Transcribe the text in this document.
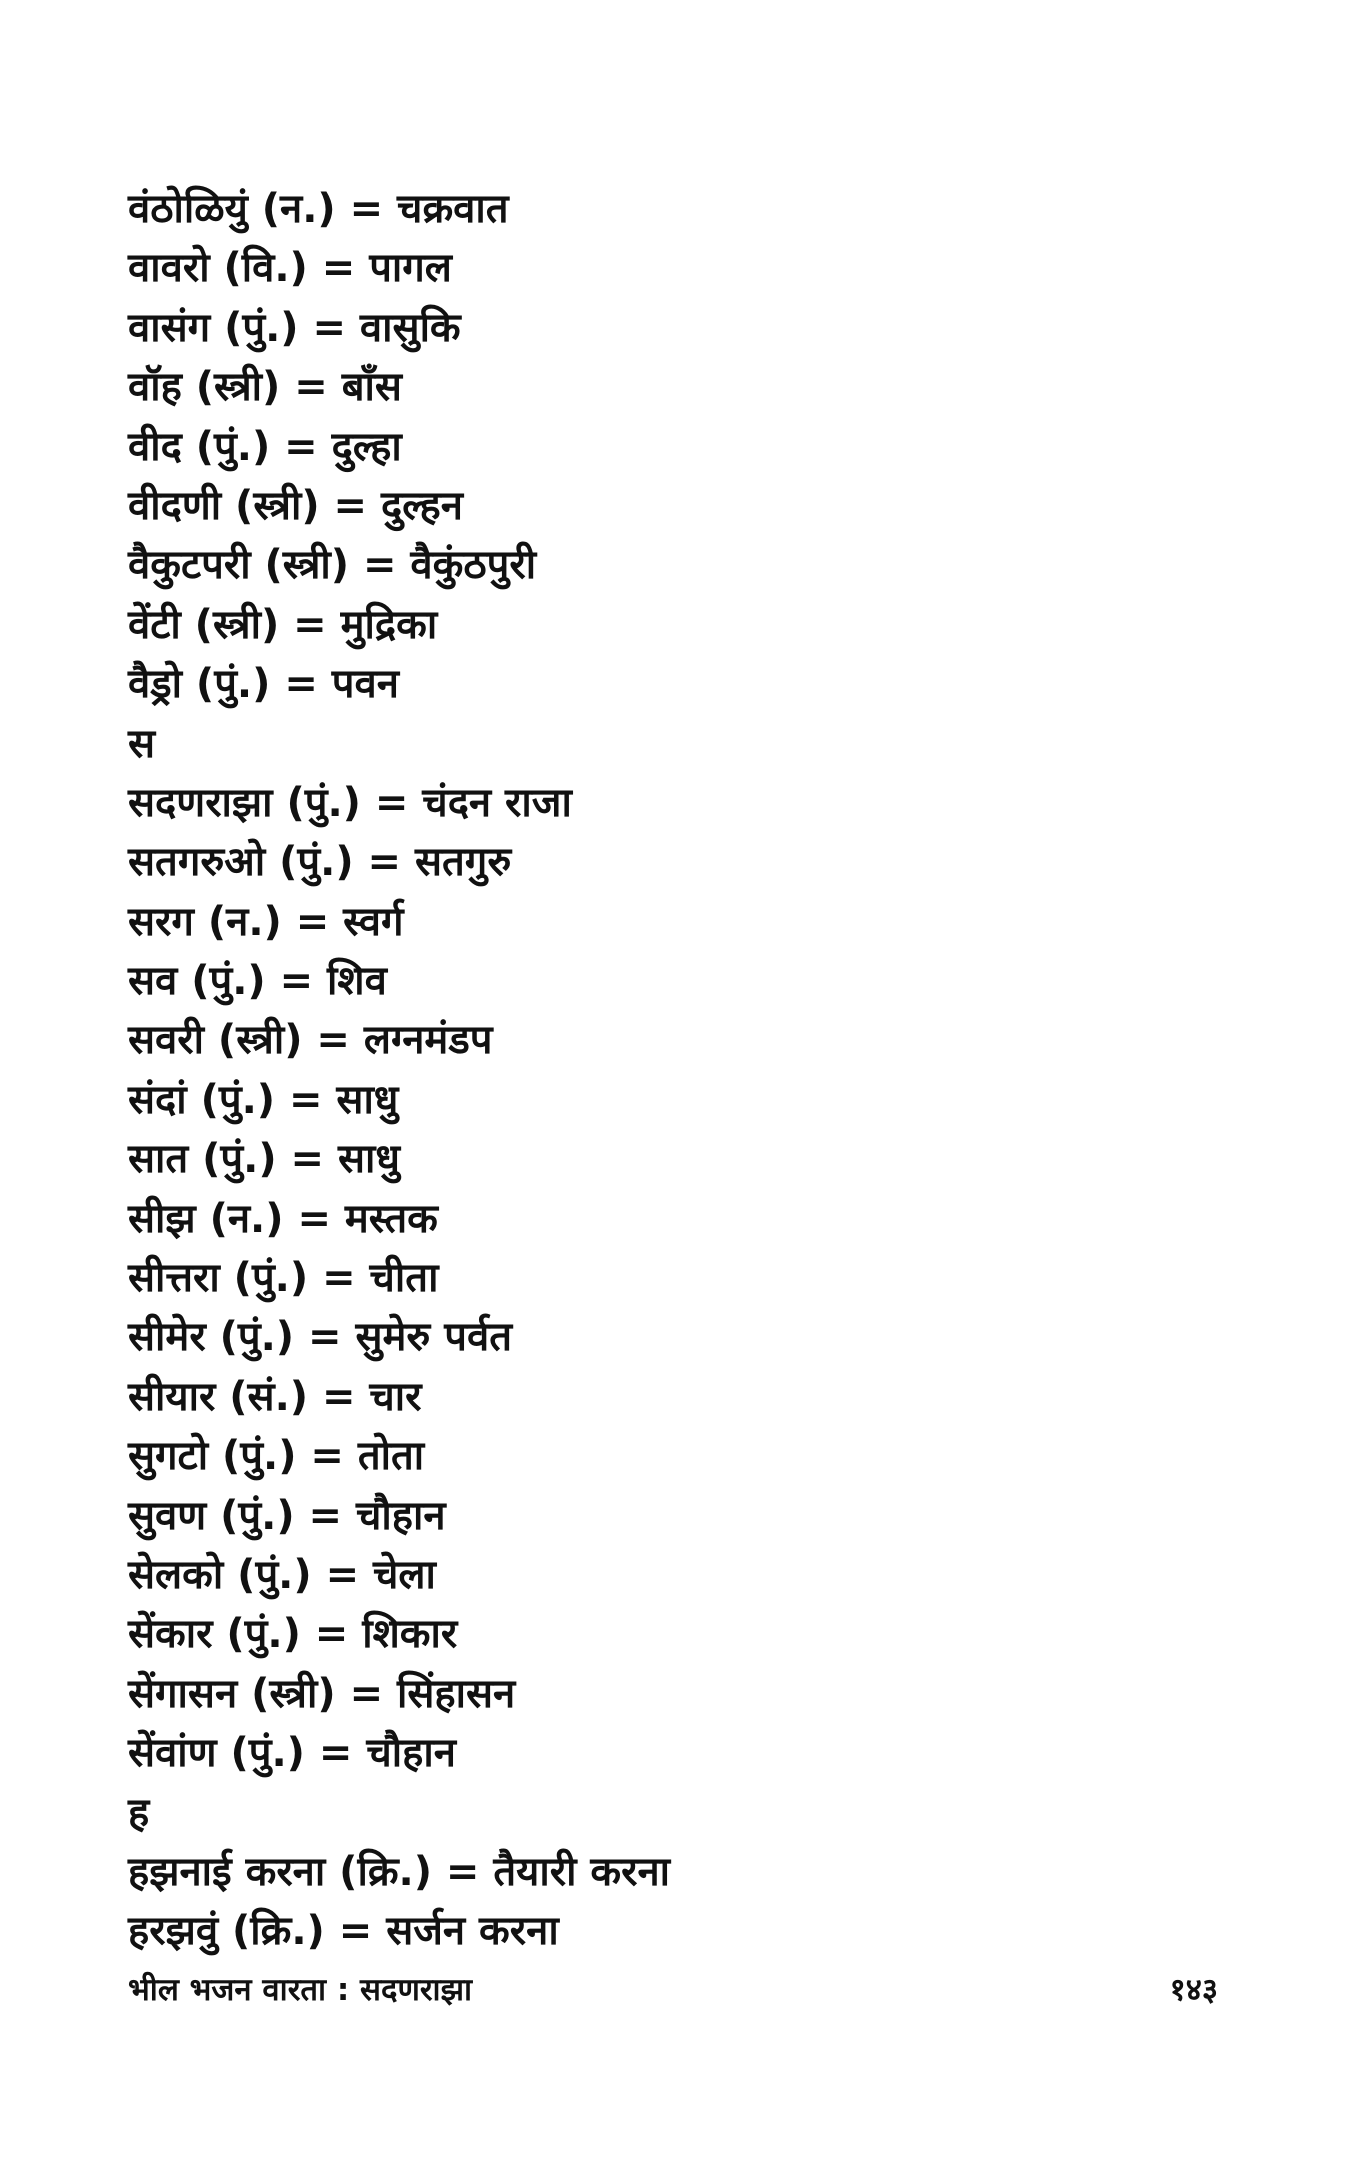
वंठोळियुं (न.) = चक्रवात
वावरो (वि.) = पागल
वासंग (पुं.) = वासुकि
वॉह (स्त्री) = बाँस
वीद (पुं.) = दुल्हा
वीदणी (स्त्री) = दुल्हन
वैकुटपरी (स्त्री) = वैकुंठपुरी
वेंटी (स्त्री) = मुद्रिका
वैड्रो (पुं.) = पवन
स
सदणराझा (पुं.) = चंदन राजा
सतगरुओ (पुं.) = सतगुरु
सरग (न.) = स्वर्ग
सव (पुं.) = शिव
सवरी (स्त्री) = लग्नमंडप
संदां (पुं.) = साधु
सात (पुं.) = साधु
सीझ (न.) = मस्तक
सीत्तरा (पुं.) = चीता
सीमेर (पुं.) = सुमेरु पर्वत
सीयार (सं.) = चार
सुगटो (पुं.) = तोता
सुवण (पुं.) = चौहान
सेलको (पुं.) = चेला
सेंकार (पुं.) = शिकार
सेंगासन (स्त्री) = सिंहासन
सेंवांण (पुं.) = चौहान
ह
हझनाई करना (क्रि.) = तैयारी करना
हरझवुं (क्रि.) = सर्जन करना
भील भजन वारता : सदणराझा	१४३
